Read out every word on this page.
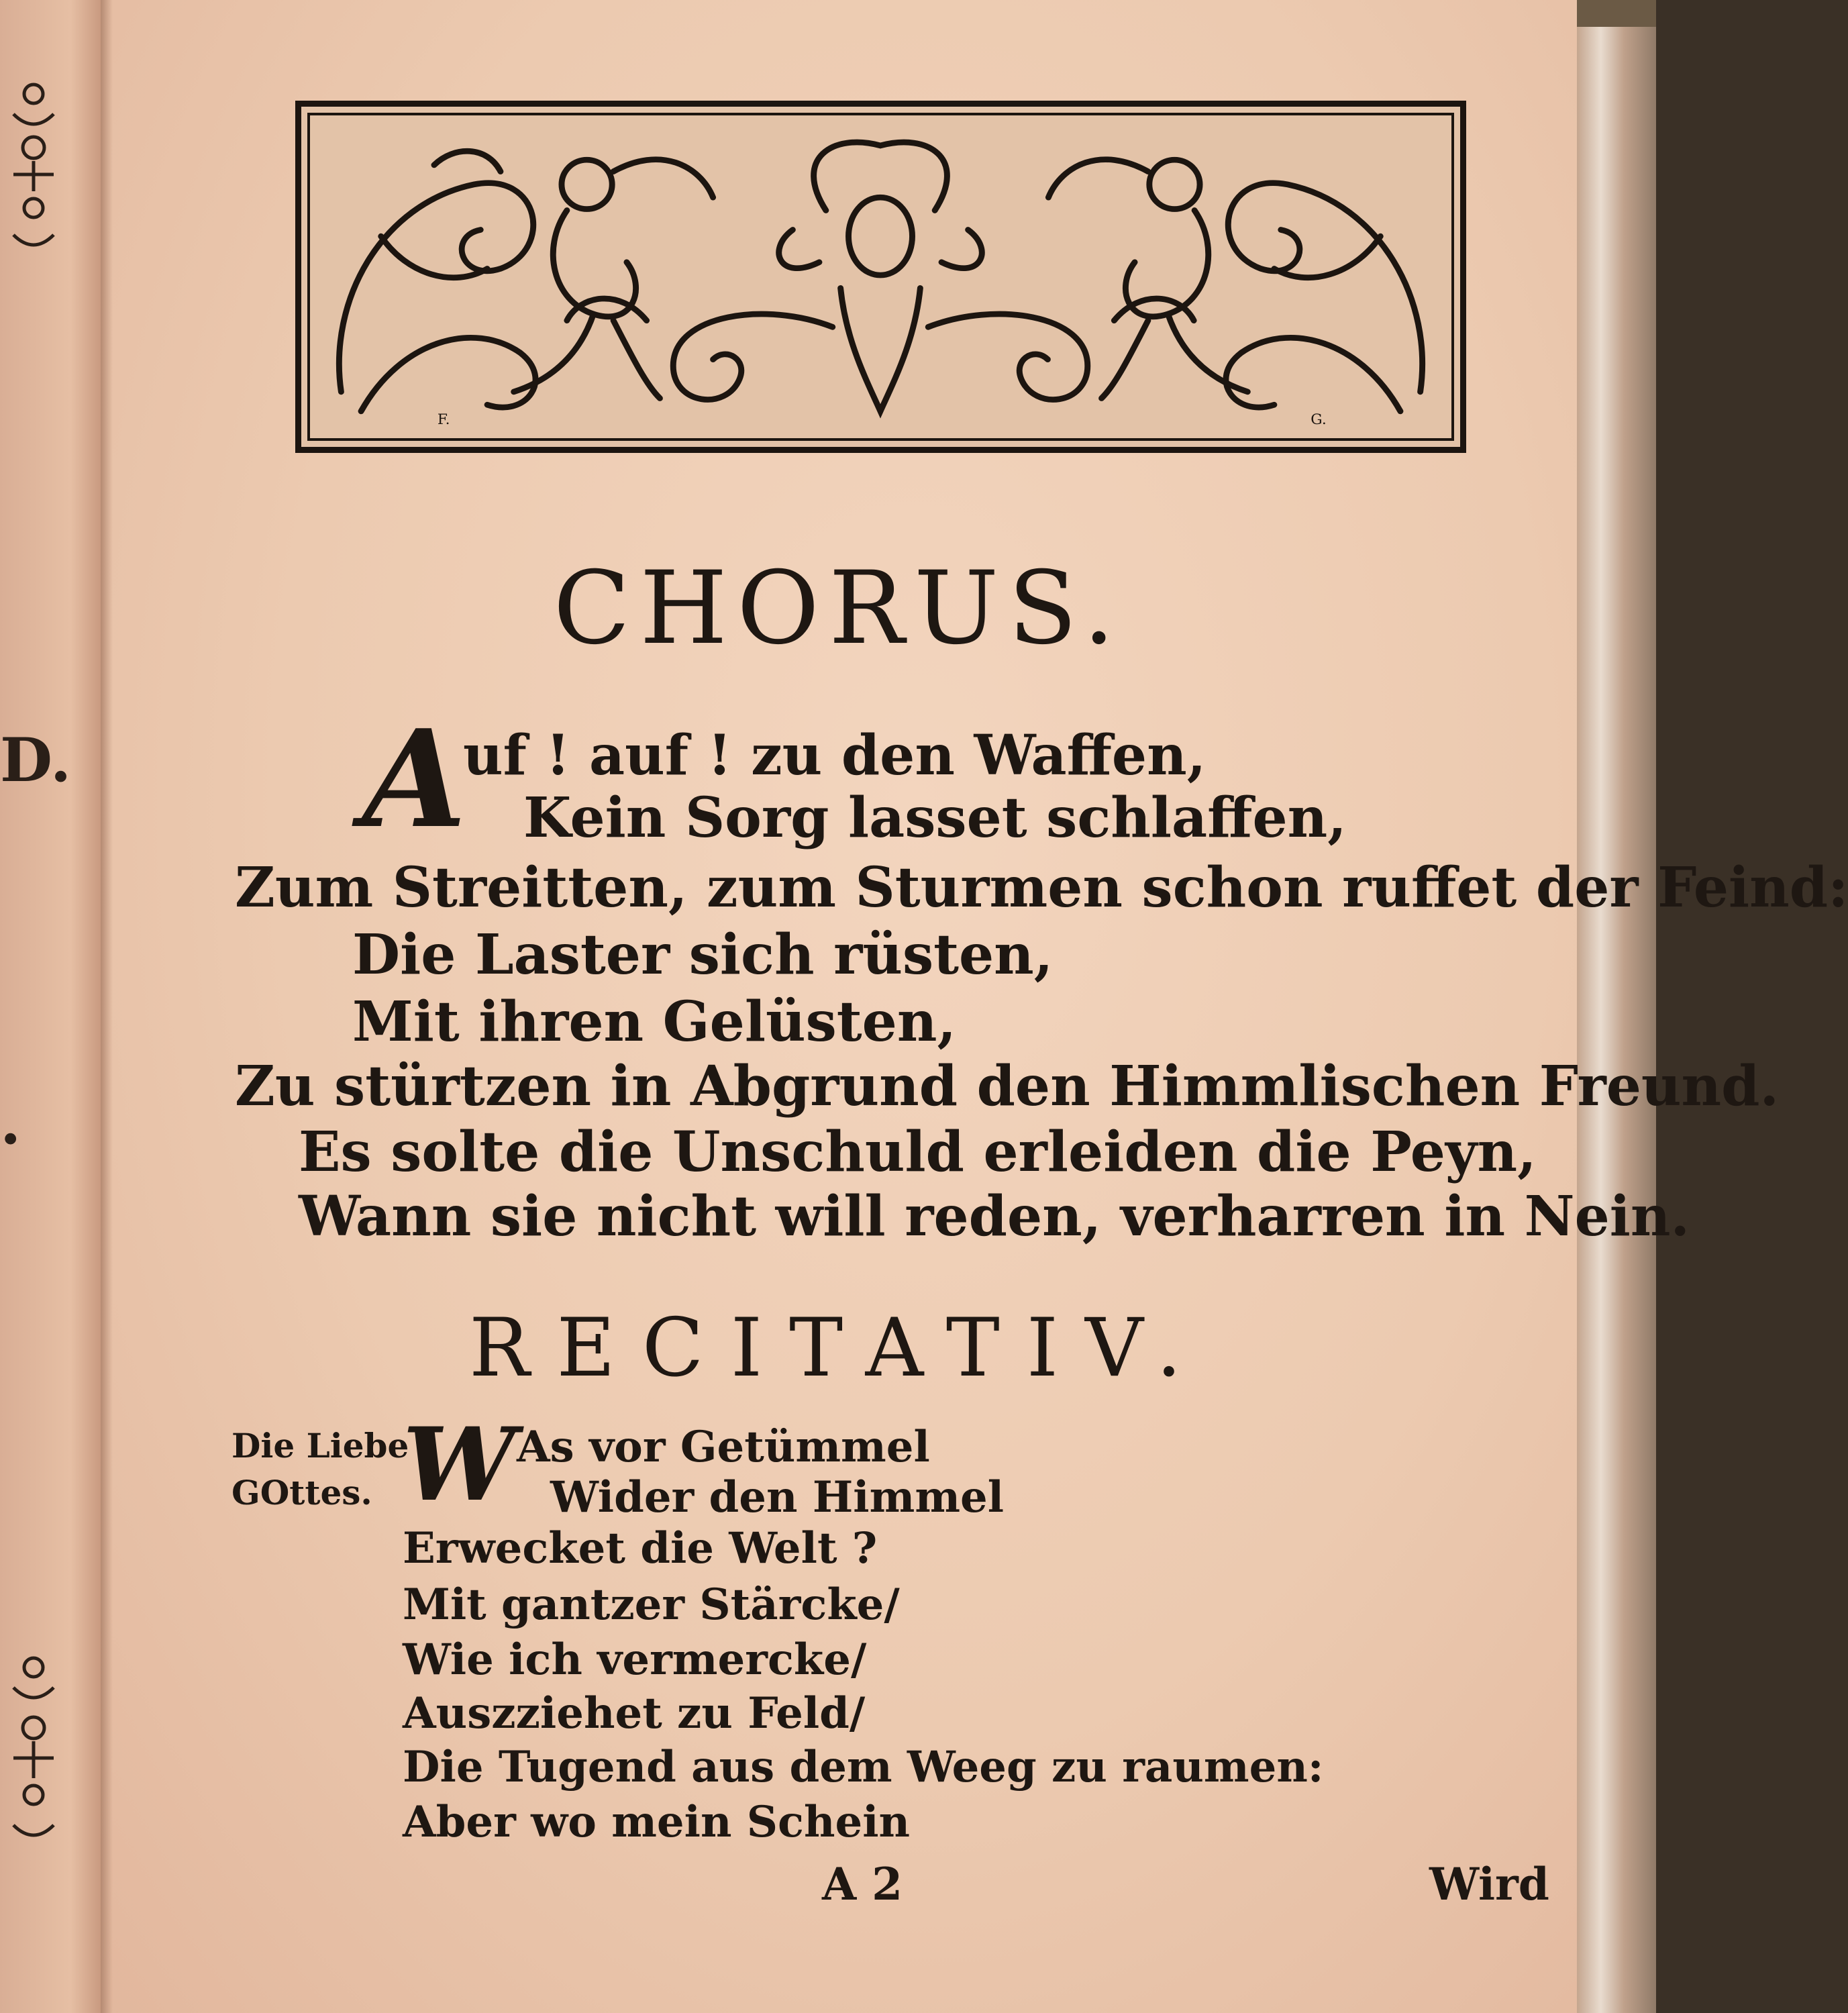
D.
.
F.	G.
CHORUS.
A
uf ! auf ! zu den Waffen,
Kein Sorg lasset schlaffen,
Zum Streitten, zum Sturmen schon ruffet der Feind:
Die Laster sich rüsten,
Mit ihren Gelüsten,
Zu stürtzen in Abgrund den Himmlischen Freund.
Es solte die Unschuld erleiden die Peyn,
Wann sie nicht will reden, verharren in Nein.
RECITATIV.
Die Liebe
GOttes. W As vor Getümmel
Wider den Himmel
Erwecket die Welt ?
Mit gantzer Stärcke/
Wie ich vermercke/
Auszziehet zu Feld/
Die Tugend aus dem Weeg zu raumen:
Aber wo mein Schein
A 2	Wird
